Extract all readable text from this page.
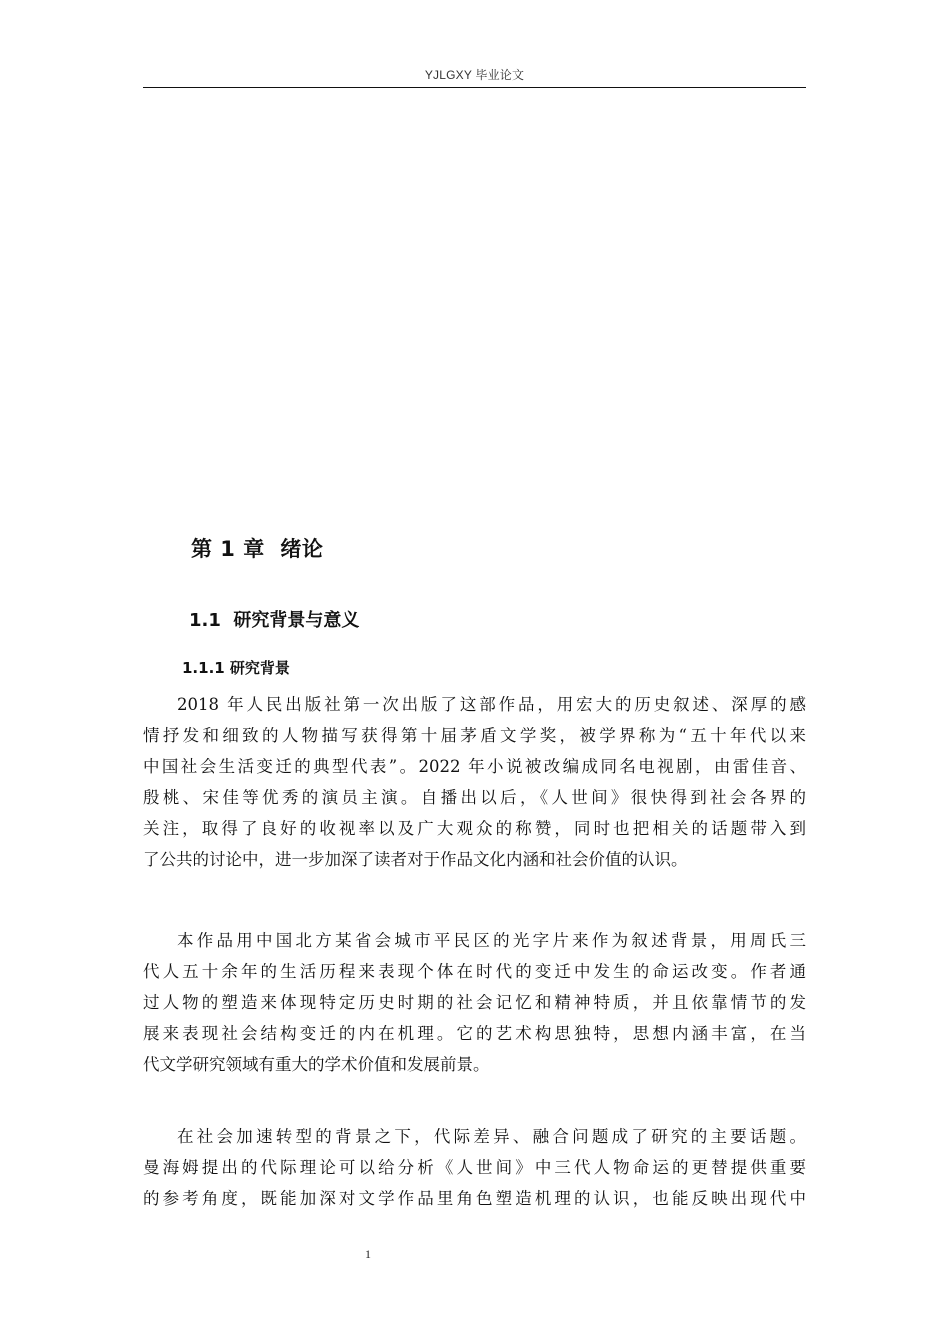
YJLGXY 毕业论文
第 1 章  绪论
1.1  研究背景与意义
1.1.1 研究背景
2018 年人民出版社第一次出版了这部作品，用宏大的历史叙述、深厚的感
情抒发和细致的人物描写获得第十届茅盾文学奖，被学界称为“五十年代以来
中国社会生活变迁的典型代表”。2022 年小说被改编成同名电视剧，由雷佳音、
殷桃、宋佳等优秀的演员主演。自播出以后，《人世间》很快得到社会各界的
关注，取得了良好的收视率以及广大观众的称赞，同时也把相关的话题带入到
了公共的讨论中，进一步加深了读者对于作品文化内涵和社会价值的认识。
本作品用中国北方某省会城市平民区的光字片来作为叙述背景，用周氏三
代人五十余年的生活历程来表现个体在时代的变迁中发生的命运改变。作者通
过人物的塑造来体现特定历史时期的社会记忆和精神特质，并且依靠情节的发
展来表现社会结构变迁的内在机理。它的艺术构思独特，思想内涵丰富，在当
代文学研究领域有重大的学术价值和发展前景。
在社会加速转型的背景之下，代际差异、融合问题成了研究的主要话题。
曼海姆提出的代际理论可以给分析《人世间》中三代人物命运的更替提供重要
的参考角度，既能加深对文学作品里角色塑造机理的认识，也能反映出现代中
1
